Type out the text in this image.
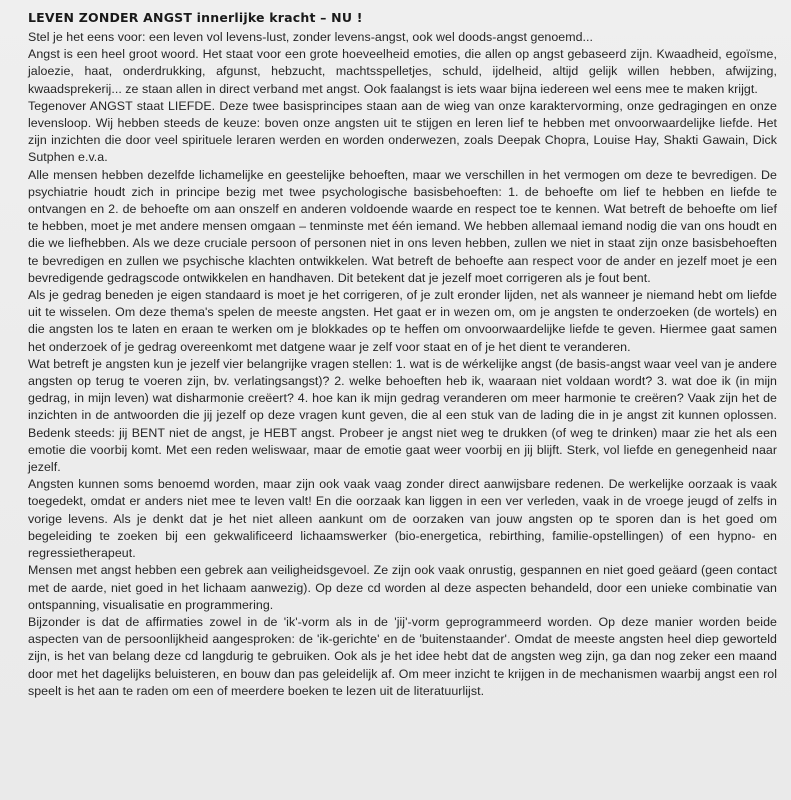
LEVEN ZONDER ANGST innerlijke kracht – NU !

Stel je het eens voor: een leven vol levens-lust, zonder levens-angst, ook wel doods-angst genoemd...

Angst is een heel groot woord. Het staat voor een grote hoeveelheid emoties, die allen op angst gebaseerd zijn. Kwaadheid, egoïsme, jaloezie, haat, onderdrukking, afgunst, hebzucht, machtsspelletjes, schuld, ijdelheid, altijd gelijk willen hebben, afwijzing, kwaadsprekerij... ze staan allen in direct verband met angst. Ook faalangst is iets waar bijna iedereen wel eens mee te maken krijgt.

Tegenover ANGST staat LIEFDE. Deze twee basisprincipes staan aan de wieg van onze karaktervorming, onze gedragingen en onze levensloop. Wij hebben steeds de keuze: boven onze angsten uit te stijgen en leren lief te hebben met onvoorwaardelijke liefde. Het zijn inzichten die door veel spirituele leraren werden en worden onderwezen, zoals Deepak Chopra, Louise Hay, Shakti Gawain, Dick Sutphen e.v.a.

Alle mensen hebben dezelfde lichamelijke en geestelijke behoeften, maar we verschillen in het vermogen om deze te bevredigen. De psychiatrie houdt zich in principe bezig met twee psychologische basisbehoeften: 1. de behoefte om lief te hebben en liefde te ontvangen en 2. de behoefte om aan onszelf en anderen voldoende waarde en respect toe te kennen. Wat betreft de behoefte om lief te hebben, moet je met andere mensen omgaan – tenminste met één iemand. We hebben allemaal iemand nodig die van ons houdt en die we liefhebben. Als we deze cruciale persoon of personen niet in ons leven hebben, zullen we niet in staat zijn onze basisbehoeften te bevredigen en zullen we psychische klachten ontwikkelen. Wat betreft de behoefte aan respect voor de ander en jezelf moet je een bevredigende gedragscode ontwikkelen en handhaven. Dit betekent dat je jezelf moet corrigeren als je fout bent.

Als je gedrag beneden je eigen standaard is moet je het corrigeren, of je zult eronder lijden, net als wanneer je niemand hebt om liefde uit te wisselen. Om deze thema's spelen de meeste angsten. Het gaat er in wezen om, om je angsten te onderzoeken (de wortels) en die angsten los te laten en eraan te werken om je blokkades op te heffen om onvoorwaardelijke liefde te geven. Hiermee gaat samen het onderzoek of je gedrag overeenkomt met datgene waar je zelf voor staat en of je het dient te veranderen.

Wat betreft je angsten kun je jezelf vier belangrijke vragen stellen: 1. wat is de wérkelijke angst (de basis-angst waar veel van je andere angsten op terug te voeren zijn, bv. verlatingsangst)? 2. welke behoeften heb ik, waaraan niet voldaan wordt? 3. wat doe ik (in mijn gedrag, in mijn leven) wat disharmonie creëert? 4. hoe kan ik mijn gedrag veranderen om meer harmonie te creëren? Vaak zijn het de inzichten in de antwoorden die jij jezelf op deze vragen kunt geven, die al een stuk van de lading die in je angst zit kunnen oplossen. Bedenk steeds: jij BENT niet de angst, je HEBT angst. Probeer je angst niet weg te drukken (of weg te drinken) maar zie het als een emotie die voorbij komt. Met een reden weliswaar, maar de emotie gaat weer voorbij en jij blijft. Sterk, vol liefde en genegenheid naar jezelf.

Angsten kunnen soms benoemd worden, maar zijn ook vaak vaag zonder direct aanwijsbare redenen. De werkelijke oorzaak is vaak toegedekt, omdat er anders niet mee te leven valt! En die oorzaak kan liggen in een ver verleden, vaak in de vroege jeugd of zelfs in vorige levens. Als je denkt dat je het niet alleen aankunt om de oorzaken van jouw angsten op te sporen dan is het goed om begeleiding te zoeken bij een gekwalificeerd lichaamswerker (bio-energetica, rebirthing, familie-opstellingen) of een hypno- en regressietherapeut.

Mensen met angst hebben een gebrek aan veiligheidsgevoel. Ze zijn ook vaak onrustig, gespannen en niet goed geäard (geen contact met de aarde, niet goed in het lichaam aanwezig). Op deze cd worden al deze aspecten behandeld, door een unieke combinatie van ontspanning, visualisatie en programmering.

Bijzonder is dat de affirmaties zowel in de 'ik'-vorm als in de 'jij'-vorm geprogrammeerd worden. Op deze manier worden beide aspecten van de persoonlijkheid aangesproken: de 'ik-gerichte' en de 'buitenstaander'. Omdat de meeste angsten heel diep geworteld zijn, is het van belang deze cd langdurig te gebruiken. Ook als je het idee hebt dat de angsten weg zijn, ga dan nog zeker een maand door met het dagelijks beluisteren, en bouw dan pas geleidelijk af. Om meer inzicht te krijgen in de mechanismen waarbij angst een rol speelt is het aan te raden om een of meerdere boeken te lezen uit de literatuurlijst.
